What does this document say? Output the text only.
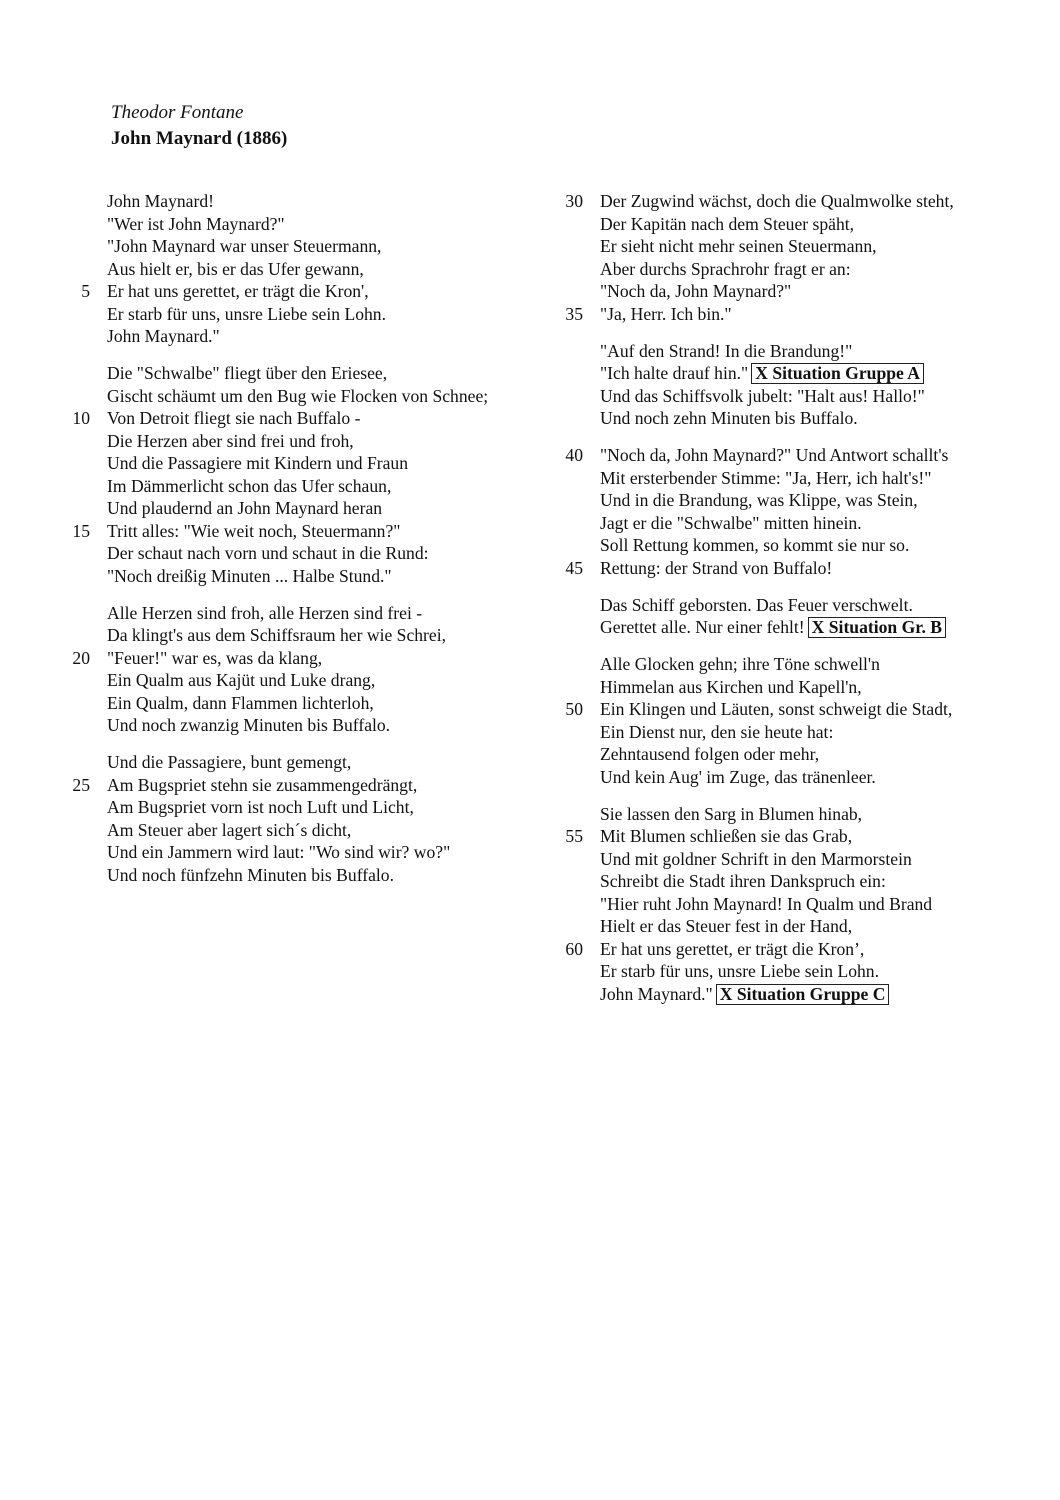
Theodor Fontane
John Maynard (1886)
John Maynard!
"Wer ist John Maynard?"
"John Maynard war unser Steuermann,
Aus hielt er, bis er das Ufer gewann,
5 Er hat uns gerettet, er trägt die Kron',
Er starb für uns, unsre Liebe sein Lohn.
John Maynard."
Die "Schwalbe" fliegt über den Eriesee,
Gischt schäumt um den Bug wie Flocken von Schnee;
10 Von Detroit fliegt sie nach Buffalo -
Die Herzen aber sind frei und froh,
Und die Passagiere mit Kindern und Fraun
Im Dämmerlicht schon das Ufer schaun,
Und plaudernd an John Maynard heran
15 Tritt alles: "Wie weit noch, Steuermann?"
Der schaut nach vorn und schaut in die Rund:
"Noch dreißig Minuten ... Halbe Stund."
Alle Herzen sind froh, alle Herzen sind frei -
Da klingt's aus dem Schiffsraum her wie Schrei,
20 "Feuer!" war es, was da klang,
Ein Qualm aus Kajüt und Luke drang,
Ein Qualm, dann Flammen lichterloh,
Und noch zwanzig Minuten bis Buffalo.
Und die Passagiere, bunt gemengt,
25 Am Bugspriet stehn sie zusammengedrängt,
Am Bugspriet vorn ist noch Luft und Licht,
Am Steuer aber lagert sich´s dicht,
Und ein Jammern wird laut: "Wo sind wir? wo?"
Und noch fünfzehn Minuten bis Buffalo.
30 Der Zugwind wächst, doch die Qualmwolke steht,
Der Kapitän nach dem Steuer späht,
Er sieht nicht mehr seinen Steuermann,
Aber durchs Sprachrohr fragt er an:
"Noch da, John Maynard?"
35 "Ja, Herr. Ich bin."
"Auf den Strand! In die Brandung!"
"Ich halte drauf hin." X Situation Gruppe A
Und das Schiffsvolk jubelt: "Halt aus! Hallo!"
Und noch zehn Minuten bis Buffalo.
40 "Noch da, John Maynard?" Und Antwort schallt's
Mit ersterbender Stimme: "Ja, Herr, ich halt's!"
Und in die Brandung, was Klippe, was Stein,
Jagt er die "Schwalbe" mitten hinein.
Soll Rettung kommen, so kommt sie nur so.
45 Rettung: der Strand von Buffalo!
Das Schiff geborsten. Das Feuer verschwelt.
Gerettet alle. Nur einer fehlt! X Situation Gr. B
Alle Glocken gehn; ihre Töne schwell'n
Himmelan aus Kirchen und Kapell'n,
50 Ein Klingen und Läuten, sonst schweigt die Stadt,
Ein Dienst nur, den sie heute hat:
Zehntausend folgen oder mehr,
Und kein Aug' im Zuge, das tränenleer.
Sie lassen den Sarg in Blumen hinab,
55 Mit Blumen schließen sie das Grab,
Und mit goldner Schrift in den Marmorstein
Schreibt die Stadt ihren Dankspruch ein:
"Hier ruht John Maynard! In Qualm und Brand
Hielt er das Steuer fest in der Hand,
60 Er hat uns gerettet, er trägt die Kron’,
Er starb für uns, unsre Liebe sein Lohn.
John Maynard." X Situation Gruppe C
